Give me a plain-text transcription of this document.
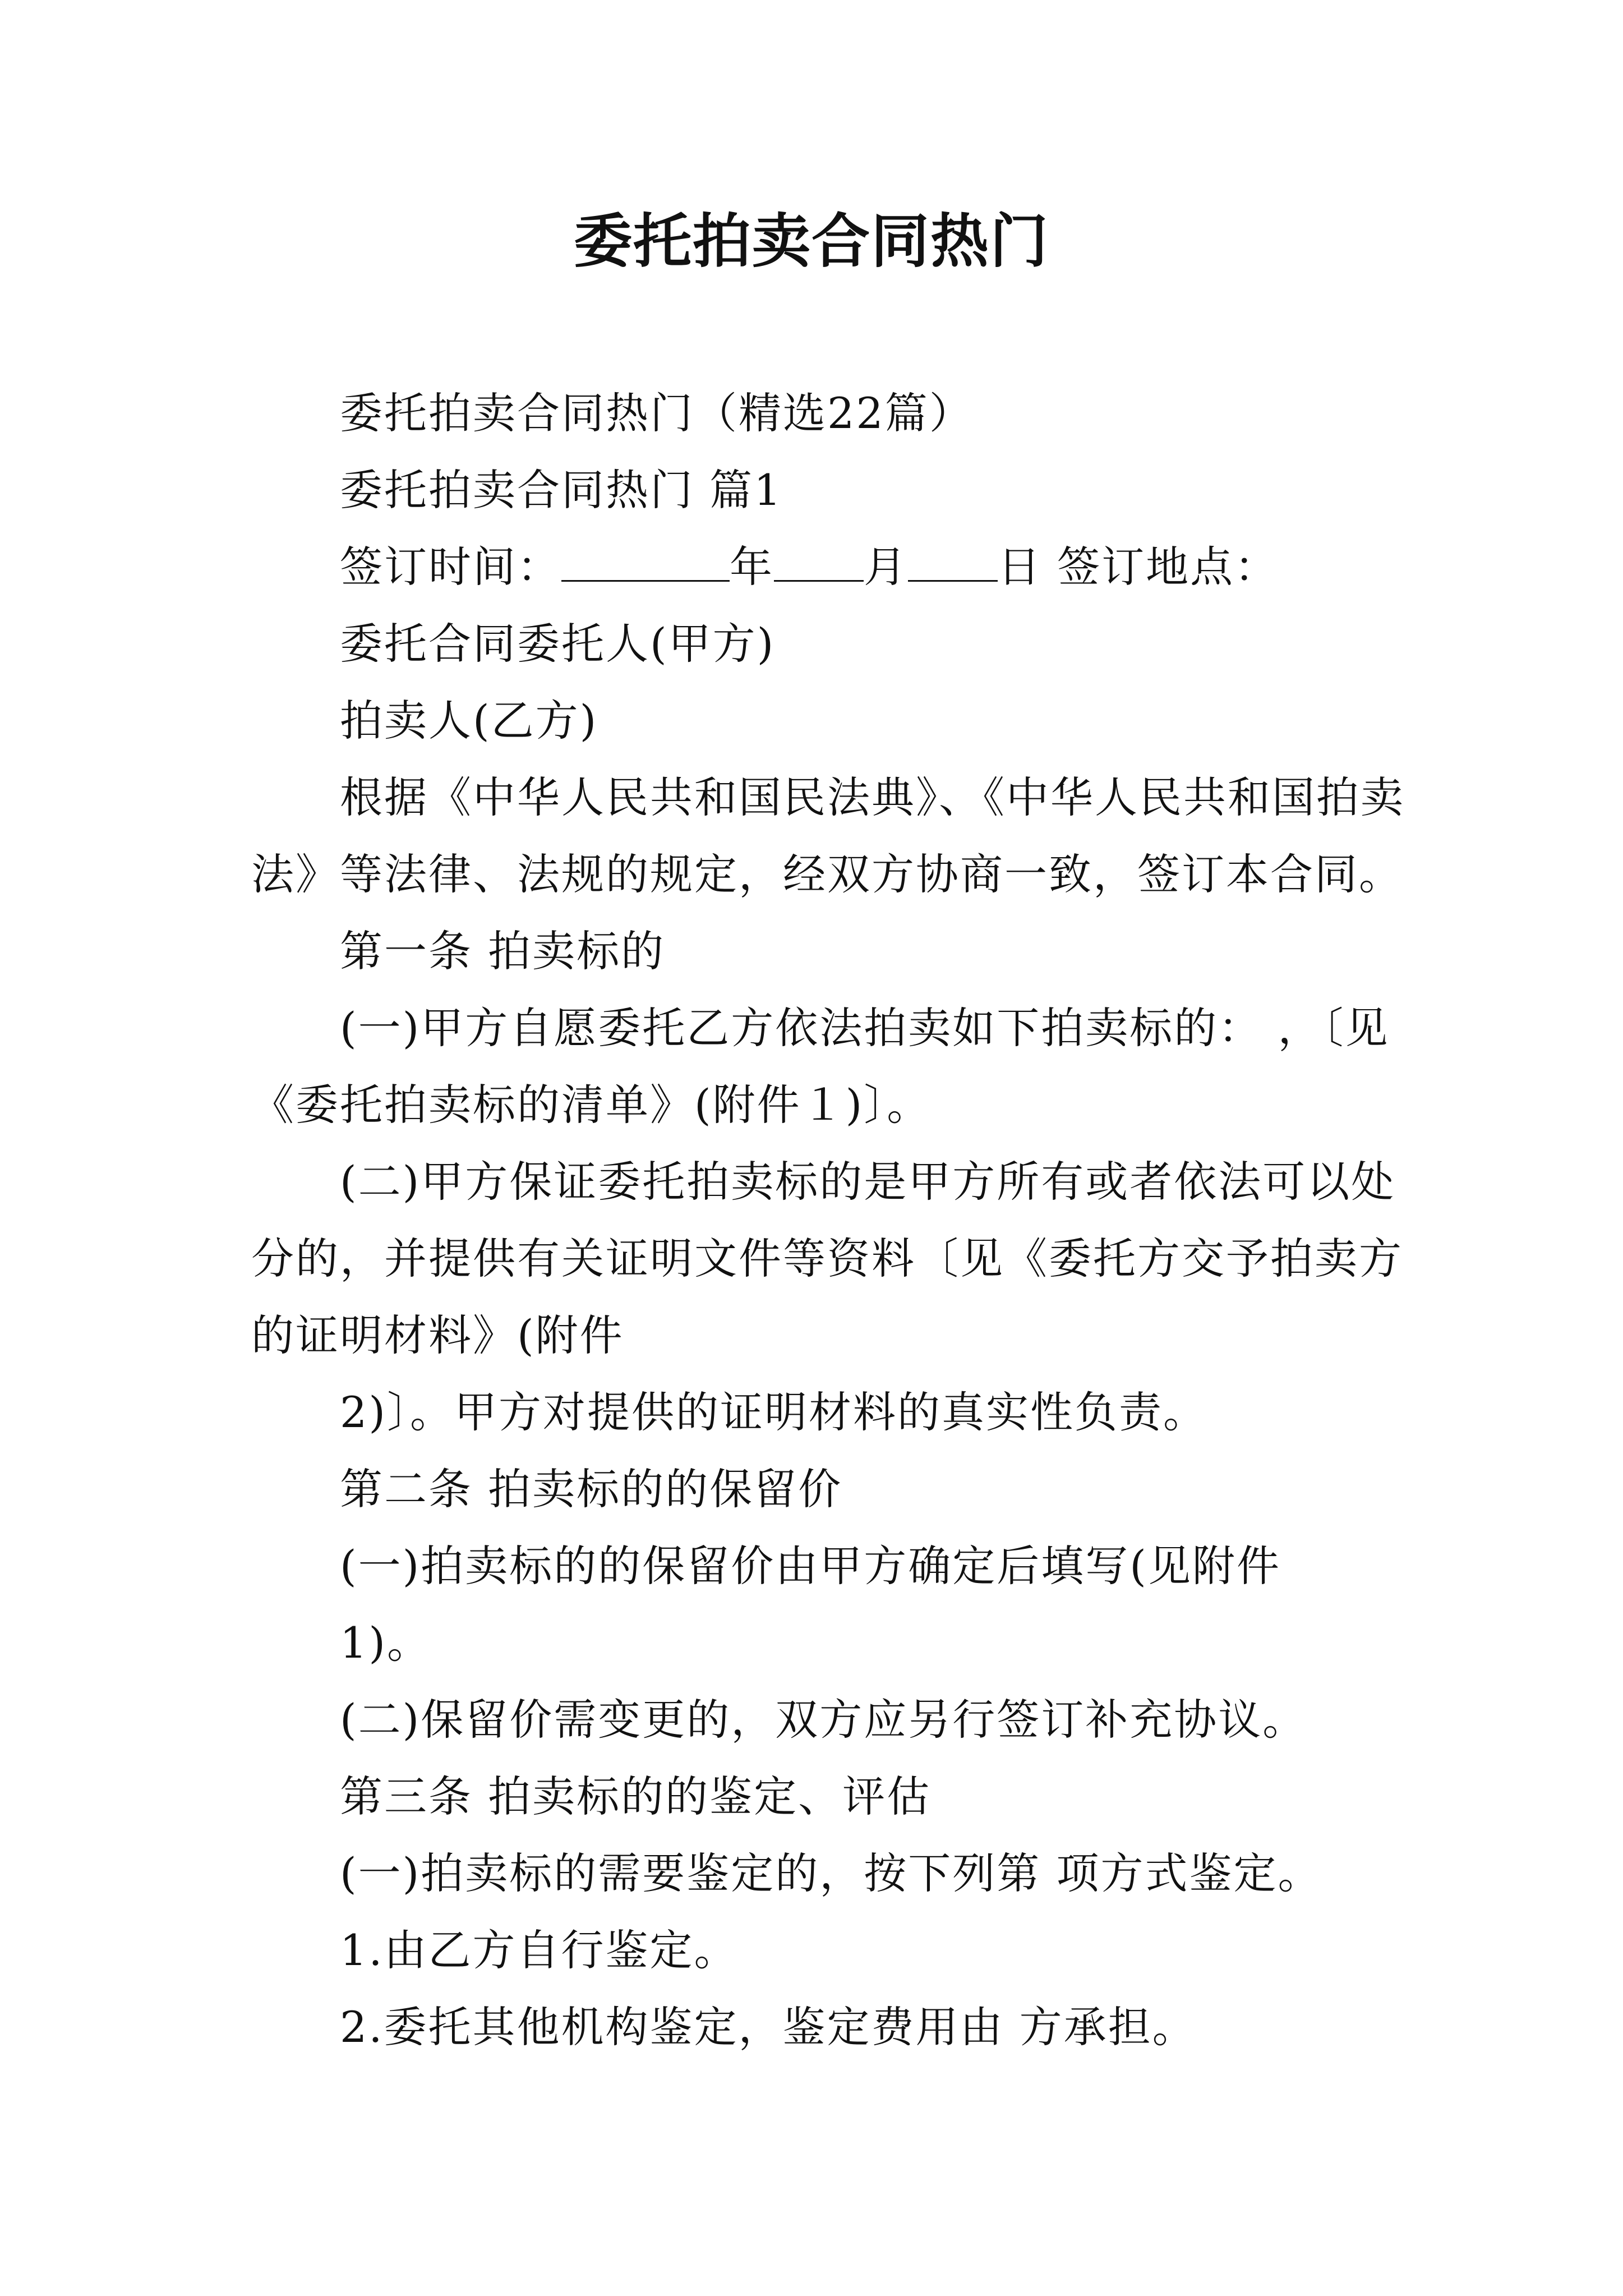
委托拍卖合同热门

委托拍卖合同热门（精选22篇）

委托拍卖合同热门 篇1

签订时间：	年 月 日 签订地点：

委托合同委托人(甲方)

拍卖人(乙方)

根据《中华人民共和国民法典》、《中华人民共和国拍卖

法》等法律、法规的规定，经双方协商一致，签订本合同。

第一条 拍卖标的

(一)甲方自愿委托乙方依法拍卖如下拍卖标的： ，〔见

《委托拍卖标的清单》(附件１)〕。

(二)甲方保证委托拍卖标的是甲方所有或者依法可以处

分的，并提供有关证明文件等资料〔见《委托方交予拍卖方

的证明材料》(附件

2)〕。甲方对提供的证明材料的真实性负责。

第二条 拍卖标的的保留价

(一)拍卖标的的保留价由甲方确定后填写(见附件

1)。

(二)保留价需变更的，双方应另行签订补充协议。

第三条 拍卖标的的鉴定、评估

(一)拍卖标的需要鉴定的，按下列第 项方式鉴定。

1.由乙方自行鉴定。

2.委托其他机构鉴定，鉴定费用由 方承担。
